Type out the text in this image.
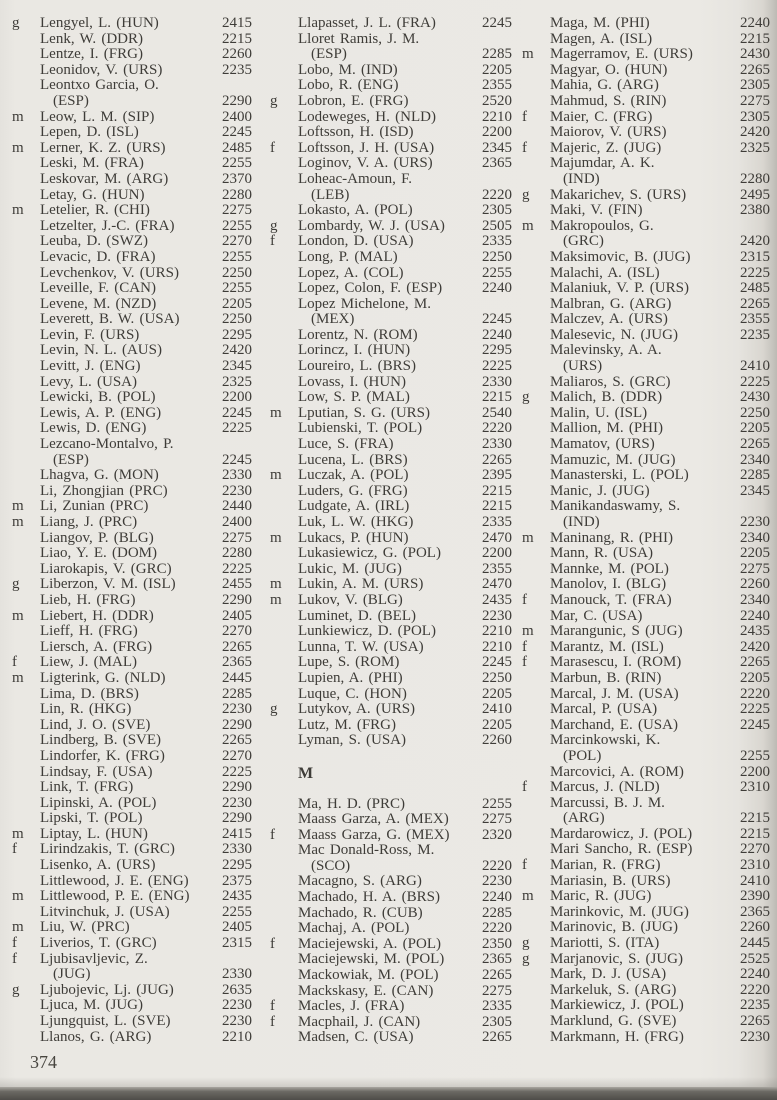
g	Lengyel, L. (HUN)	2415
Lenk, W. (DDR)	2215
Lentze, I. (FRG)	2260
Leonidov, V. (URS)	2235
Leontxo Garcia, O.
(ESP)	2290
m	Leow, L. M. (SIP)	2400
Lepen, D. (ISL)	2245
m	Lerner, K. Z. (URS)	2485
Leski, M. (FRA)	2255
Leskovar, M. (ARG)	2370
Letay, G. (HUN)	2280
m	Letelier, R. (CHI)	2275
Letzelter, J.-C. (FRA)	2255
Leuba, D. (SWZ)	2270
Levacic, D. (FRA)	2255
Levchenkov, V. (URS)	2250
Leveille, F. (CAN)	2255
Levene, M. (NZD)	2205
Leverett, B. W. (USA)	2250
Levin, F. (URS)	2295
Levin, N. L. (AUS)	2420
Levitt, J. (ENG)	2345
Levy, L. (USA)	2325
Lewicki, B. (POL)	2200
Lewis, A. P. (ENG)	2245
Lewis, D. (ENG)	2225
Lezcano-Montalvo, P.
(ESP)	2245
Lhagva, G. (MON)	2330
Li, Zhongjian (PRC)	2230
m	Li, Zunian (PRC)	2440
m	Liang, J. (PRC)	2400
Liangov, P. (BLG)	2275
Liao, Y. E. (DOM)	2280
Liarokapis, V. (GRC)	2225
g	Liberzon, V. M. (ISL)	2455
Lieb, H. (FRG)	2290
m	Liebert, H. (DDR)	2405
Lieff, H. (FRG)	2270
Liersch, A. (FRG)	2265
f	Liew, J. (MAL)	2365
m	Ligterink, G. (NLD)	2445
Lima, D. (BRS)	2285
Lin, R. (HKG)	2230
Lind, J. O. (SVE)	2290
Lindberg, B. (SVE)	2265
Lindorfer, K. (FRG)	2270
Lindsay, F. (USA)	2225
Link, T. (FRG)	2290
Lipinski, A. (POL)	2230
Lipski, T. (POL)	2290
m	Liptay, L. (HUN)	2415
f	Lirindzakis, T. (GRC)	2330
Lisenko, A. (URS)	2295
Littlewood, J. E. (ENG)	2375
m	Littlewood, P. E. (ENG)	2435
Litvinchuk, J. (USA)	2255
m	Liu, W. (PRC)	2405
f	Liverios, T. (GRC)	2315
f	Ljubisavljevic, Z.
(JUG)	2330
g	Ljubojevic, Lj. (JUG)	2635
Ljuca, M. (JUG)	2230
Ljungquist, L. (SVE)	2230
Llanos, G. (ARG)	2210
Llapasset, J. L. (FRA)	2245
Lloret Ramis, J. M.
(ESP)	2285
Lobo, M. (IND)	2205
Lobo, R. (ENG)	2355
g	Lobron, E. (FRG)	2520
Lodeweges, H. (NLD)	2210
Loftsson, H. (ISD)	2200
f	Loftsson, J. H. (USA)	2345
Loginov, V. A. (URS)	2365
Loheac-Amoun, F.
(LEB)	2220
Lokasto, A. (POL)	2305
g	Lombardy, W. J. (USA)	2505
f	London, D. (USA)	2335
Long, P. (MAL)	2250
Lopez, A. (COL)	2255
Lopez, Colon, F. (ESP)	2240
Lopez Michelone, M.
(MEX)	2245
Lorentz, N. (ROM)	2240
Lorincz, I. (HUN)	2295
Loureiro, L. (BRS)	2225
Lovass, I. (HUN)	2330
Low, S. P. (MAL)	2215
m	Lputian, S. G. (URS)	2540
Lubienski, T. (POL)	2220
Luce, S. (FRA)	2330
Lucena, L. (BRS)	2265
m	Luczak, A. (POL)	2395
Luders, G. (FRG)	2215
Ludgate, A. (IRL)	2215
Luk, L. W. (HKG)	2335
m	Lukacs, P. (HUN)	2470
Lukasiewicz, G. (POL)	2200
Lukic, M. (JUG)	2355
m	Lukin, A. M. (URS)	2470
m	Lukov, V. (BLG)	2435
Luminet, D. (BEL)	2230
Lunkiewicz, D. (POL)	2210
Lunna, T. W. (USA)	2210
Lupe, S. (ROM)	2245
Lupien, A. (PHI)	2250
Luque, C. (HON)	2205
g	Lutykov, A. (URS)	2410
Lutz, M. (FRG)	2205
Lyman, S. (USA)	2260
M
Ma, H. D. (PRC)	2255
Maass Garza, A. (MEX)	2275
f	Maass Garza, G. (MEX)	2320
Mac Donald-Ross, M.
(SCO)	2220
Macagno, S. (ARG)	2230
Machado, H. A. (BRS)	2240
Machado, R. (CUB)	2285
Machaj, A. (POL)	2220
f	Maciejewski, A. (POL)	2350
Maciejewski, M. (POL)	2365
Mackowiak, M. (POL)	2265
Mackskasy, E. (CAN)	2275
f	Macles, J. (FRA)	2335
f	Macphail, J. (CAN)	2305
Madsen, C. (USA)	2265
Maga, M. (PHI)	2240
Magen, A. (ISL)	2215
m	Magerramov, E. (URS)	2430
Magyar, O. (HUN)	2265
Mahia, G. (ARG)	2305
Mahmud, S. (RIN)	2275
f	Maier, C. (FRG)	2305
Maiorov, V. (URS)	2420
f	Majeric, Z. (JUG)	2325
Majumdar, A. K.
(IND)	2280
g	Makarichev, S. (URS)	2495
Maki, V. (FIN)	2380
m	Makropoulos, G.
(GRC)	2420
Maksimovic, B. (JUG)	2315
Malachi, A. (ISL)	2225
Malaniuk, V. P. (URS)	2485
Malbran, G. (ARG)	2265
Malczev, A. (URS)	2355
Malesevic, N. (JUG)	2235
Malevinsky, A. A.
(URS)	2410
Maliaros, S. (GRC)	2225
g	Malich, B. (DDR)	2430
Malin, U. (ISL)	2250
Mallion, M. (PHI)	2205
Mamatov, (URS)	2265
Mamuzic, M. (JUG)	2340
Manasterski, L. (POL)	2285
Manic, J. (JUG)	2345
Manikandaswamy, S.
(IND)	2230
m	Maninang, R. (PHI)	2340
Mann, R. (USA)	2205
Mannke, M. (POL)	2275
Manolov, I. (BLG)	2260
f	Manouck, T. (FRA)	2340
Mar, C. (USA)	2240
m	Marangunic, S (JUG)	2435
f	Marantz, M. (ISL)	2420
f	Marasescu, I. (ROM)	2265
Marbun, B. (RIN)	2205
Marcal, J. M. (USA)	2220
Marcal, P. (USA)	2225
Marchand, E. (USA)	2245
Marcinkowski, K.
(POL)	2255
Marcovici, A. (ROM)	2200
f	Marcus, J. (NLD)	2310
Marcussi, B. J. M.
(ARG)	2215
Mardarowicz, J. (POL)	2215
Mari Sancho, R. (ESP)	2270
f	Marian, R. (FRG)	2310
Mariasin, B. (URS)	2410
m	Maric, R. (JUG)	2390
Marinkovic, M. (JUG)	2365
Marinovic, B. (JUG)	2260
g	Mariotti, S. (ITA)	2445
g	Marjanovic, S. (JUG)	2525
Mark, D. J. (USA)	2240
Markeluk, S. (ARG)	2220
Markiewicz, J. (POL)	2235
Marklund, G. (SVE)	2265
Markmann, H. (FRG)	2230
374
